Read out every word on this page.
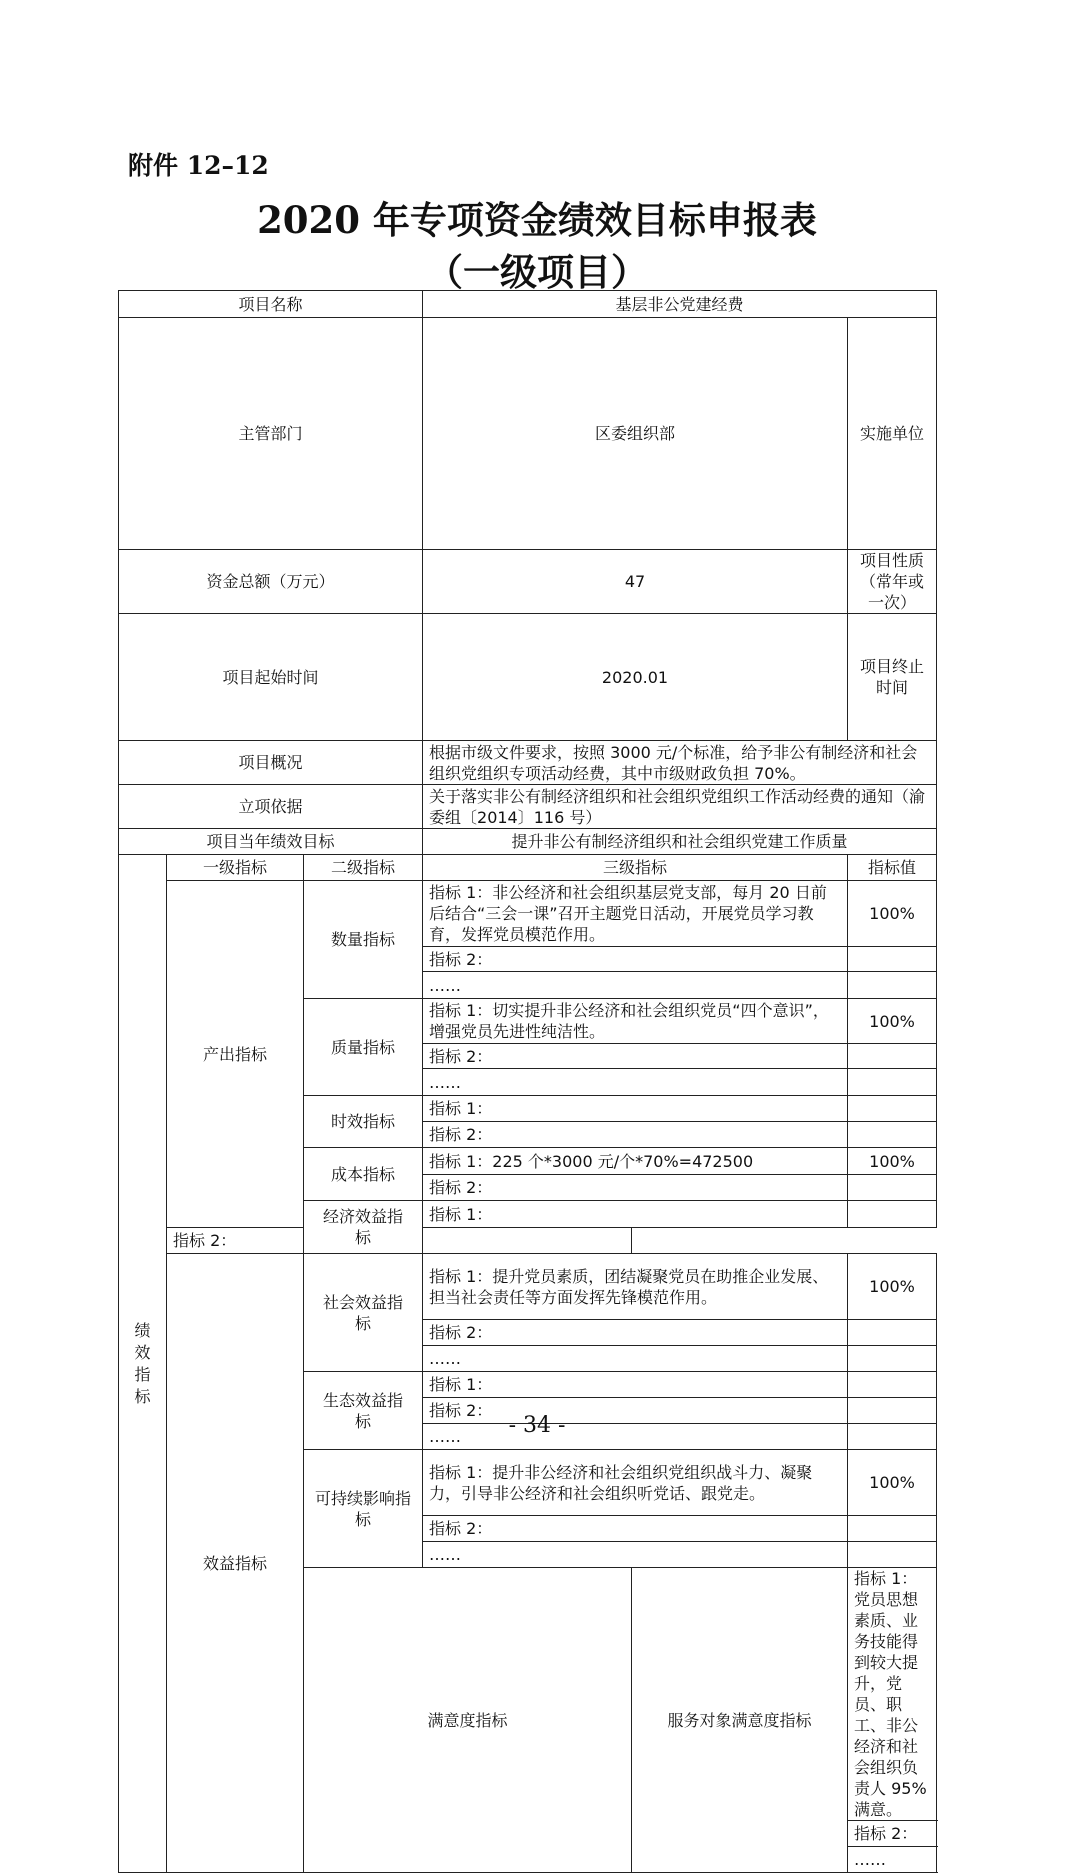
附件 12–12
2020 年专项资金绩效目标申报表
（一级项目）
项目名称			基层非公党建经费			
主管部门			区委组织部		实施单位	
资金总额（万元）			47		项目性质（常年或一次）	
项目起始时间			2020.01		项目终止时间	
项目概况			根据市级文件要求，按照 3000 元/个标准，给予非公有制经济和社会组织党组织专项活动经费，其中市级财政负担 70%。			
立项依据			关于落实非公有制经济组织和社会组织党组织工作活动经费的通知（渝委组〔2014〕116 号）			
项目当年绩效目标			提升非公有制经济组织和社会组织党建工作质量			
绩效指标	一级指标	二级指标	三级指标		指标值	
	产出指标	数量指标	指标 1：非公经济和社会组织基层党支部，每月 20 日前后结合“三会一课”召开主题党日活动，开展党员学习教育，发挥党员模范作用。		100%	
			指标 2：			
			……			
		质量指标	指标 1：切实提升非公经济和社会组织党员“四个意识”，增强党员先进性纯洁性。		100%	
			指标 2：			
			……			
		时效指标	指标 1：			
			指标 2：			
		成本指标	指标 1：225 个*3000 元/个*70%=472500		100%	
			指标 2：			
		经济效益指标	指标 1：			
	指标 2：					
	效益指标	社会效益指标	指标 1：提升党员素质，团结凝聚党员在助推企业发展、担当社会责任等方面发挥先锋模范作用。		100%	
			指标 2：			
			……			
		生态效益指标	指标 1：			
			指标 2：			
			……			
		可持续影响指标	指标 1：提升非公经济和社会组织党组织战斗力、凝聚力，引导非公经济和社会组织听党话、跟党走。		100%	
			指标 2：			
			……			
		满意度指标		服务对象满意度指标	指标 1：党员思想素质、业务技能得到较大提升，党员、职工、非公经济和社会组织负责人 95%满意。	
					指标 2：	
					……	
- 34 -
